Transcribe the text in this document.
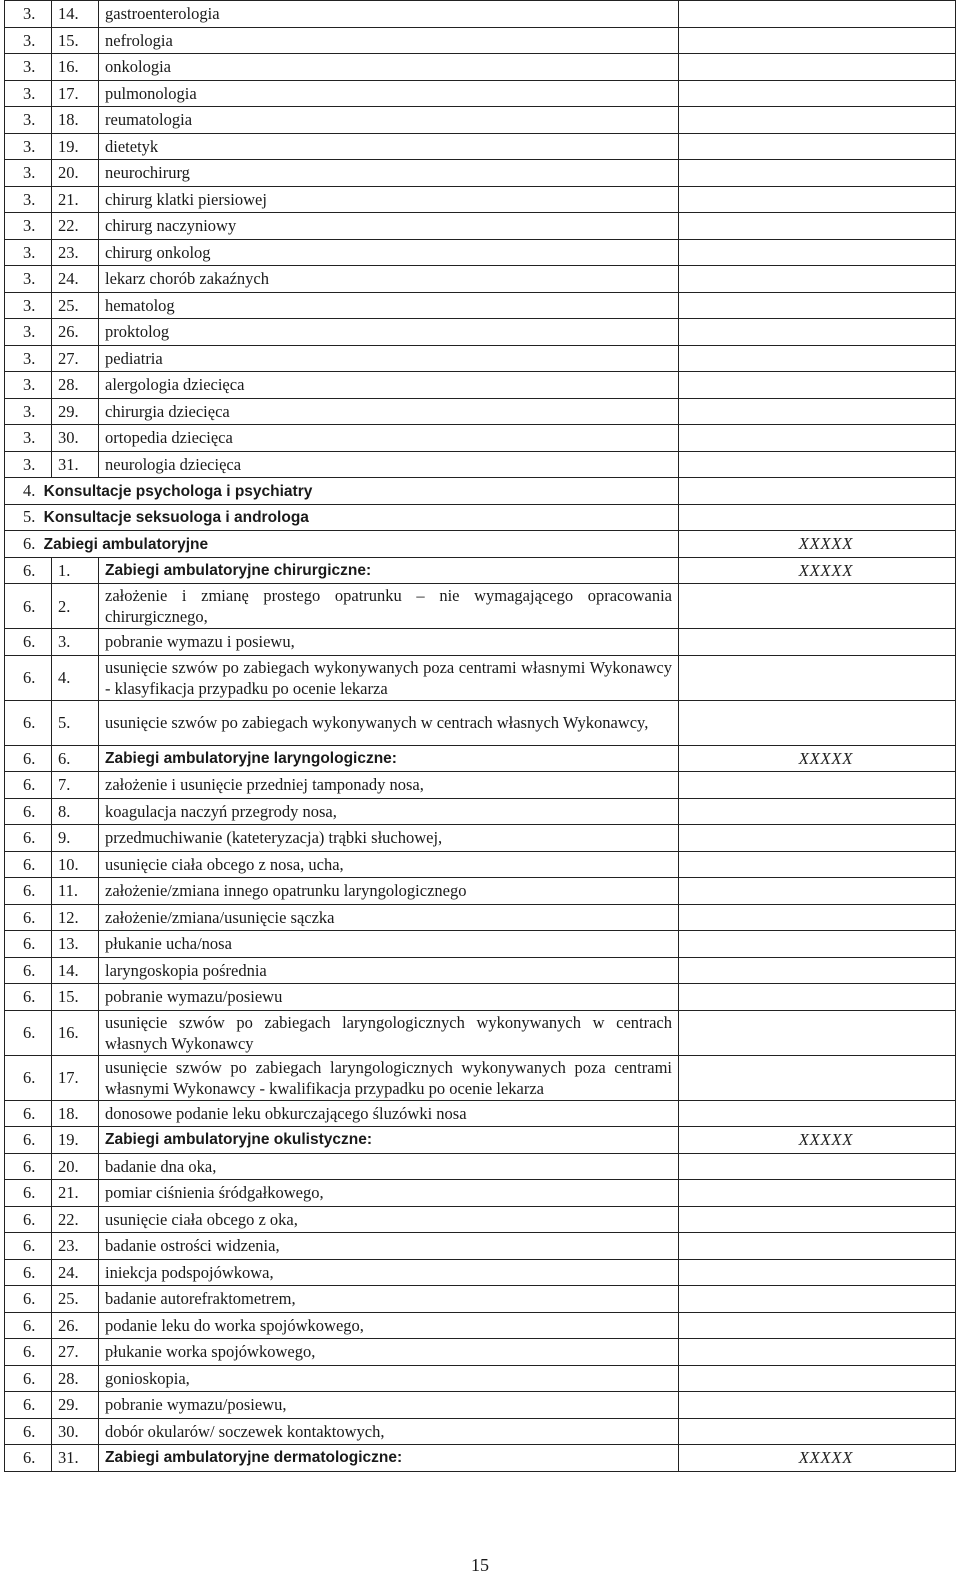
3.	14.	gastroenterologia	
3.	15.	nefrologia	
3.	16.	onkologia	
3.	17.	pulmonologia	
3.	18.	reumatologia	
3.	19.	dietetyk	
3.	20.	neurochirurg	
3.	21.	chirurg klatki piersiowej	
3.	22.	chirurg naczyniowy	
3.	23.	chirurg onkolog	
3.	24.	lekarz chorób zakaźnych	
3.	25.	hematolog	
3.	26.	proktolog	
3.	27.	pediatria	
3.	28.	alergologia dziecięca	
3.	29.	chirurgia dziecięca	
3.	30.	ortopedia dziecięca	
3.	31.	neurologia dziecięca	
4. Konsultacje psychologa i psychiatry			
5. Konsultacje seksuologa i androloga			
6. Zabiegi ambulatoryjne			XXXXX
6.	1.	Zabiegi ambulatoryjne chirurgiczne:	XXXXX
6.	2.	założenie i zmianę prostego opatrunku – nie wymagającego opracowania chirurgicznego,	
6.	3.	pobranie wymazu i posiewu,	
6.	4.	usunięcie szwów po zabiegach wykonywanych poza centrami własnymi Wykonawcy - klasyfikacja przypadku po ocenie lekarza	
6.	5.	usunięcie szwów po zabiegach wykonywanych w centrach własnych Wykonawcy,	
6.	6.	Zabiegi ambulatoryjne laryngologiczne:	XXXXX
6.	7.	założenie i usunięcie przedniej tamponady nosa,	
6.	8.	koagulacja naczyń przegrody nosa,	
6.	9.	przedmuchiwanie (kateteryzacja) trąbki słuchowej,	
6.	10.	usunięcie ciała obcego z nosa, ucha,	
6.	11.	założenie/zmiana innego opatrunku laryngologicznego	
6.	12.	założenie/zmiana/usunięcie sączka	
6.	13.	płukanie ucha/nosa	
6.	14.	laryngoskopia pośrednia	
6.	15.	pobranie wymazu/posiewu	
6.	16.	usunięcie szwów po zabiegach laryngologicznych wykonywanych w centrach własnych Wykonawcy	
6.	17.	usunięcie szwów po zabiegach laryngologicznych wykonywanych poza centrami własnymi Wykonawcy - kwalifikacja przypadku po ocenie lekarza	
6.	18.	donosowe podanie leku obkurczającego śluzówki nosa	
6.	19.	Zabiegi ambulatoryjne okulistyczne:	XXXXX
6.	20.	badanie dna oka,	
6.	21.	pomiar ciśnienia śródgałkowego,	
6.	22.	usunięcie ciała obcego z oka,	
6.	23.	badanie ostrości widzenia,	
6.	24.	iniekcja podspojówkowa,	
6.	25.	badanie autorefraktometrem,	
6.	26.	podanie leku do worka spojówkowego,	
6.	27.	płukanie worka spojówkowego,	
6.	28.	gonioskopia,	
6.	29.	pobranie wymazu/posiewu,	
6.	30.	dobór okularów/ soczewek kontaktowych,	
6.	31.	Zabiegi ambulatoryjne dermatologiczne:	XXXXX
15
